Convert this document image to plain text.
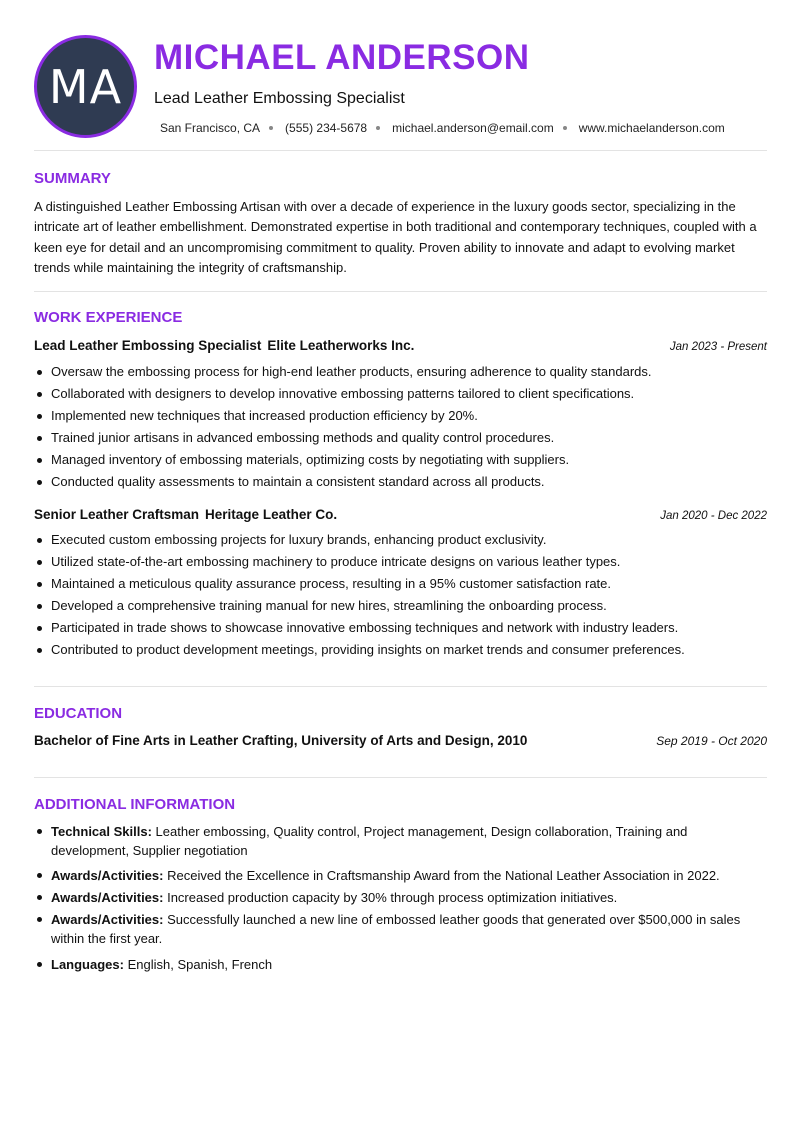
MA
MICHAEL ANDERSON
Lead Leather Embossing Specialist
San Francisco, CA (555) 234-5678 michael.anderson@email.com www.michaelanderson.com
SUMMARY
A distinguished Leather Embossing Artisan with over a decade of experience in the luxury goods sector, specializing in the intricate art of leather embellishment. Demonstrated expertise in both traditional and contemporary techniques, coupled with a keen eye for detail and an uncompromising commitment to quality. Proven ability to innovate and adapt to evolving market trends while maintaining the integrity of craftsmanship.
WORK EXPERIENCE
Lead Leather Embossing Specialist Elite Leatherworks Inc.	Jan 2023 - Present
Oversaw the embossing process for high-end leather products, ensuring adherence to quality standards.
Collaborated with designers to develop innovative embossing patterns tailored to client specifications.
Implemented new techniques that increased production efficiency by 20%.
Trained junior artisans in advanced embossing methods and quality control procedures.
Managed inventory of embossing materials, optimizing costs by negotiating with suppliers.
Conducted quality assessments to maintain a consistent standard across all products.
Senior Leather Craftsman Heritage Leather Co.	Jan 2020 - Dec 2022
Executed custom embossing projects for luxury brands, enhancing product exclusivity.
Utilized state-of-the-art embossing machinery to produce intricate designs on various leather types.
Maintained a meticulous quality assurance process, resulting in a 95% customer satisfaction rate.
Developed a comprehensive training manual for new hires, streamlining the onboarding process.
Participated in trade shows to showcase innovative embossing techniques and network with industry leaders.
Contributed to product development meetings, providing insights on market trends and consumer preferences.
EDUCATION
Bachelor of Fine Arts in Leather Crafting, University of Arts and Design, 2010	Sep 2019 - Oct 2020
ADDITIONAL INFORMATION
Technical Skills: Leather embossing, Quality control, Project management, Design collaboration, Training and development, Supplier negotiation
Awards/Activities: Received the Excellence in Craftsmanship Award from the National Leather Association in 2022.
Awards/Activities: Increased production capacity by 30% through process optimization initiatives.
Awards/Activities: Successfully launched a new line of embossed leather goods that generated over $500,000 in sales within the first year.
Languages: English, Spanish, French
